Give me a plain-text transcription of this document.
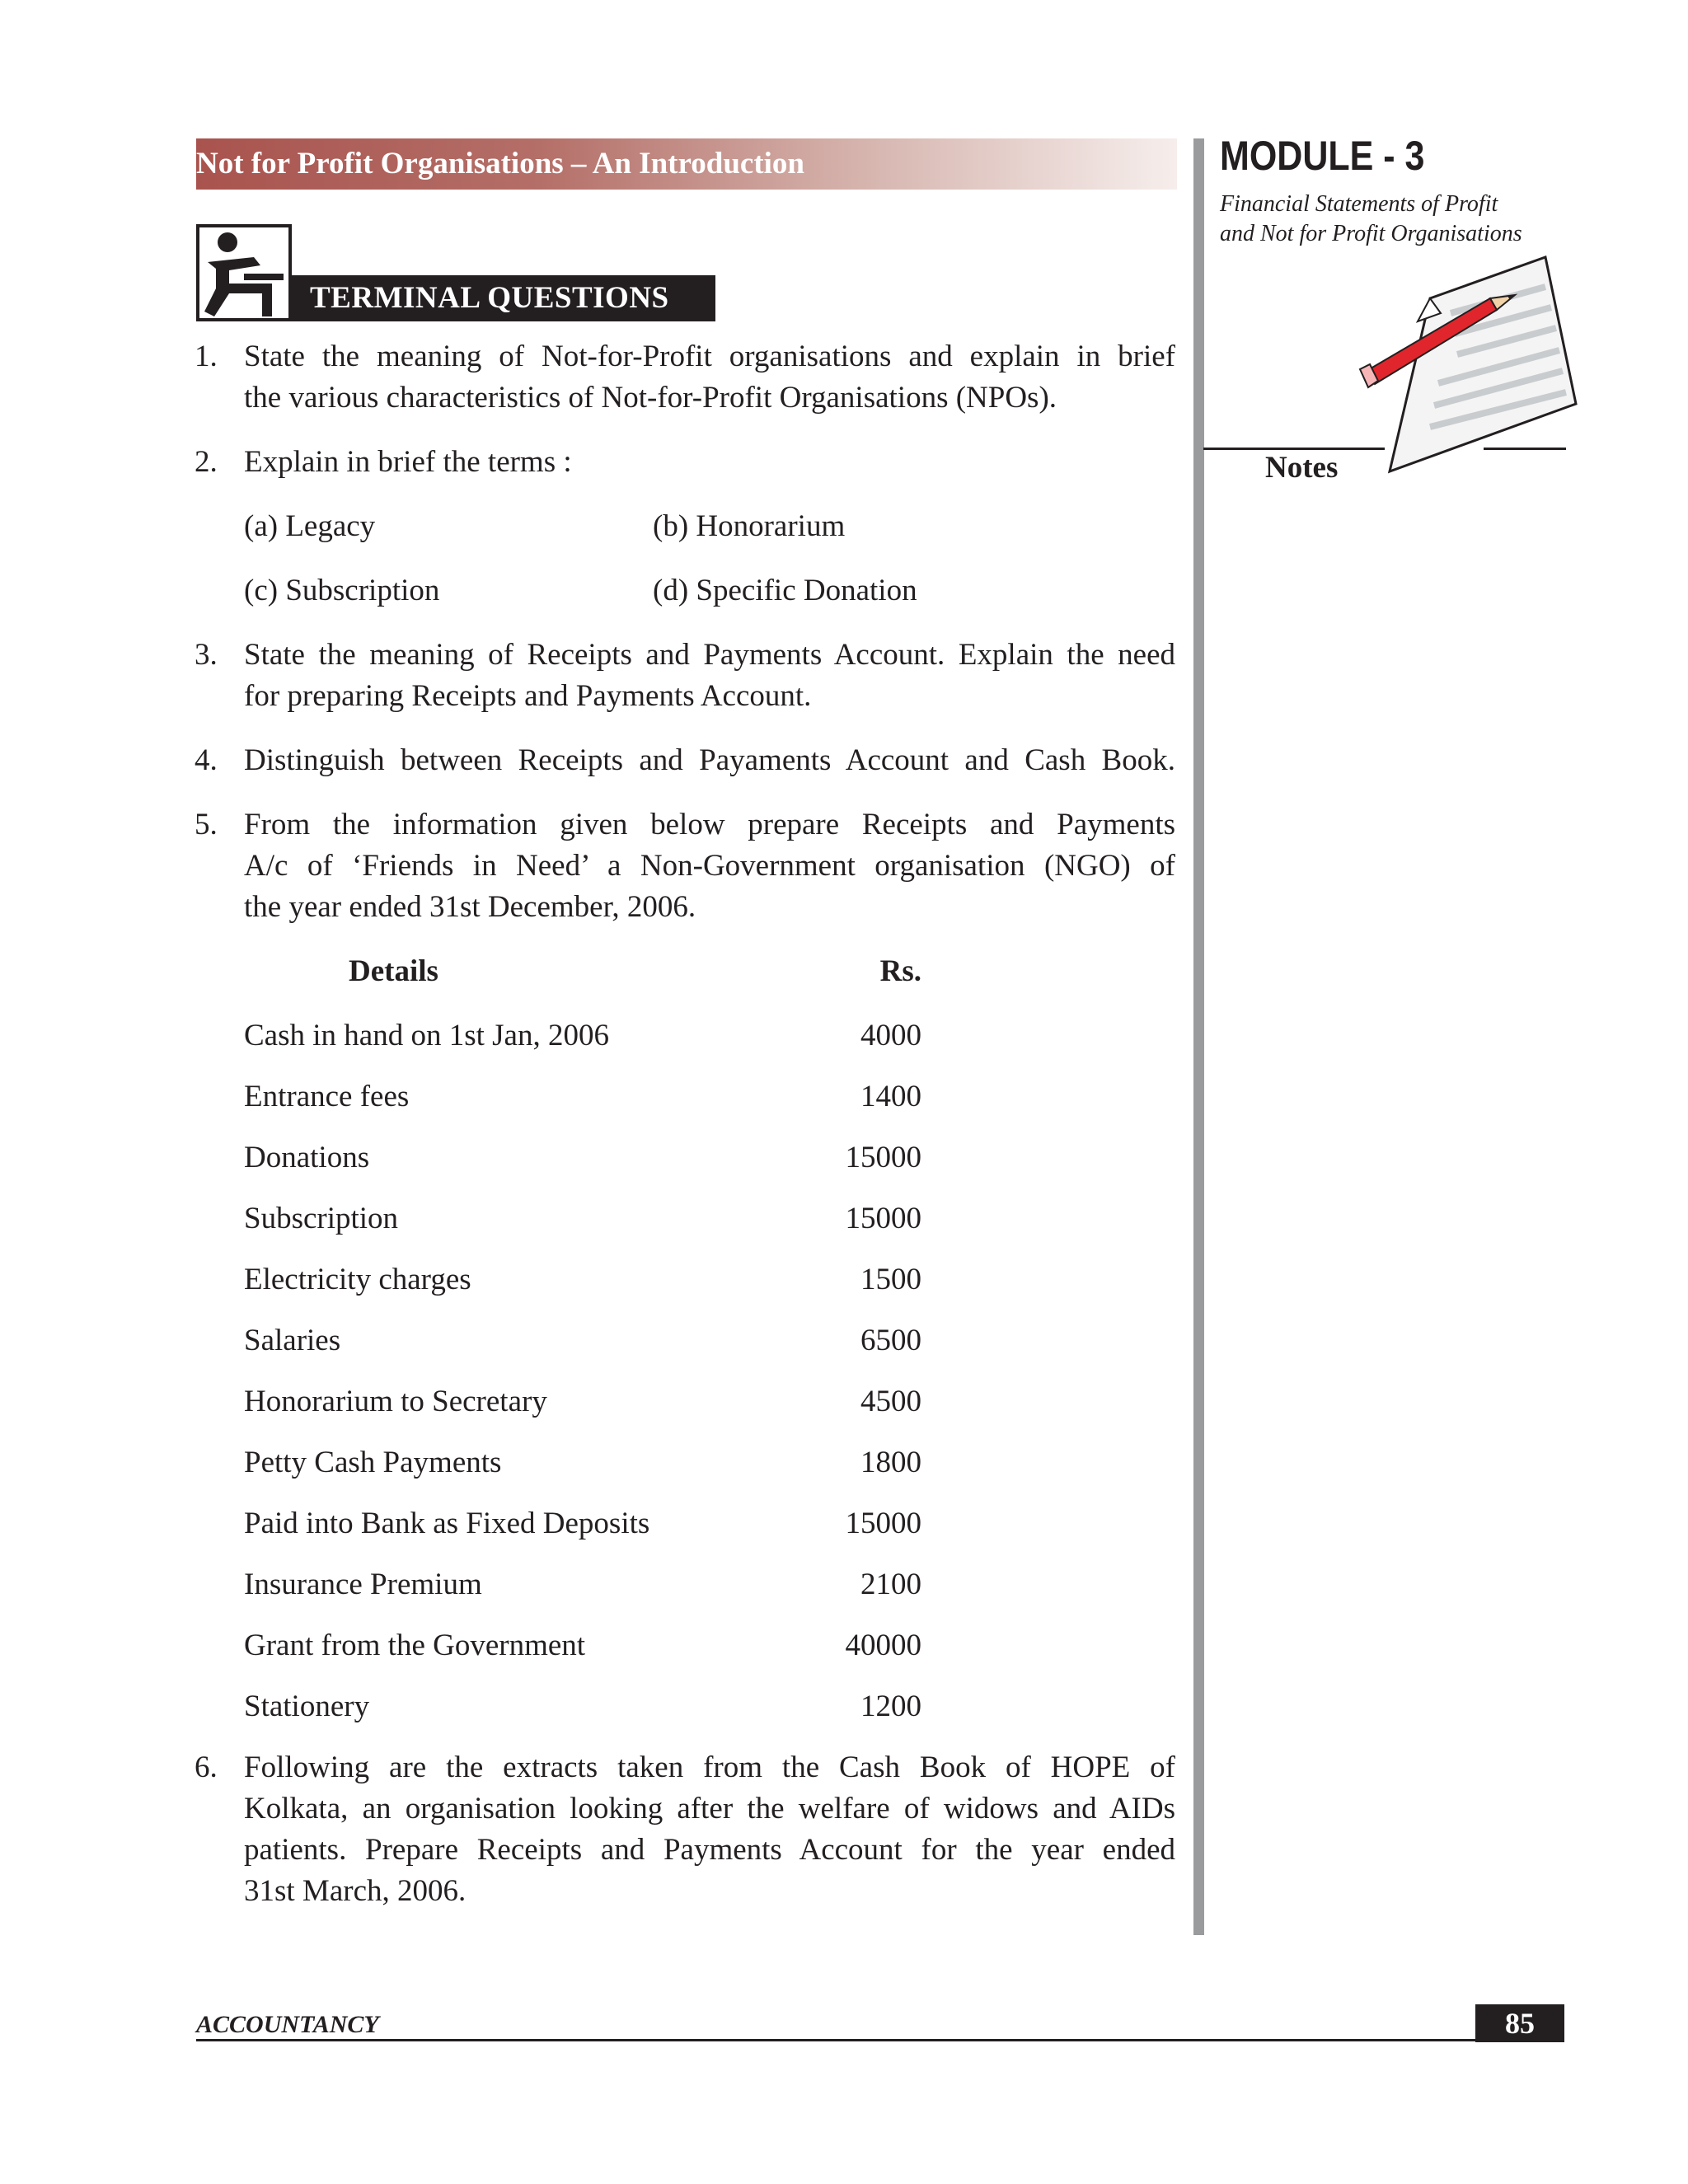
Not for Profit Organisations – An Introduction	MODULE - 3
Financial Statements of Profit
and Not for Profit Organisations
Notes
TERMINAL QUESTIONS
1. State the meaning of Not-for-Profit organisations and explain in brief
the various characteristics of Not-for-Profit Organisations (NPOs).
2. Explain in brief the terms :
(a) Legacy	(b) Honorarium
(c) Subscription	(d) Specific Donation
3. State the meaning of Receipts and Payments Account. Explain the need
for preparing Receipts and Payments Account.
4. Distinguish between Receipts and Payaments Account and Cash Book.
5. From the information given below prepare Receipts and Payments
A/c of ‘Friends in Need’ a Non-Government organisation (NGO) of
the year ended 31st December, 2006.
Details	Rs.
Cash in hand on 1st Jan, 2006	4000
Entrance fees	1400
Donations	15000
Subscription	15000
Electricity charges	1500
Salaries	6500
Honorarium to Secretary	4500
Petty Cash Payments	1800
Paid into Bank as Fixed Deposits	15000
Insurance Premium	2100
Grant from the Government	40000
Stationery	1200
6. Following are the extracts taken from the Cash Book of HOPE of
Kolkata, an organisation looking after the welfare of widows and AIDs
patients. Prepare Receipts and Payments Account for the year ended
31st March, 2006.
ACCOUNTANCY	85
